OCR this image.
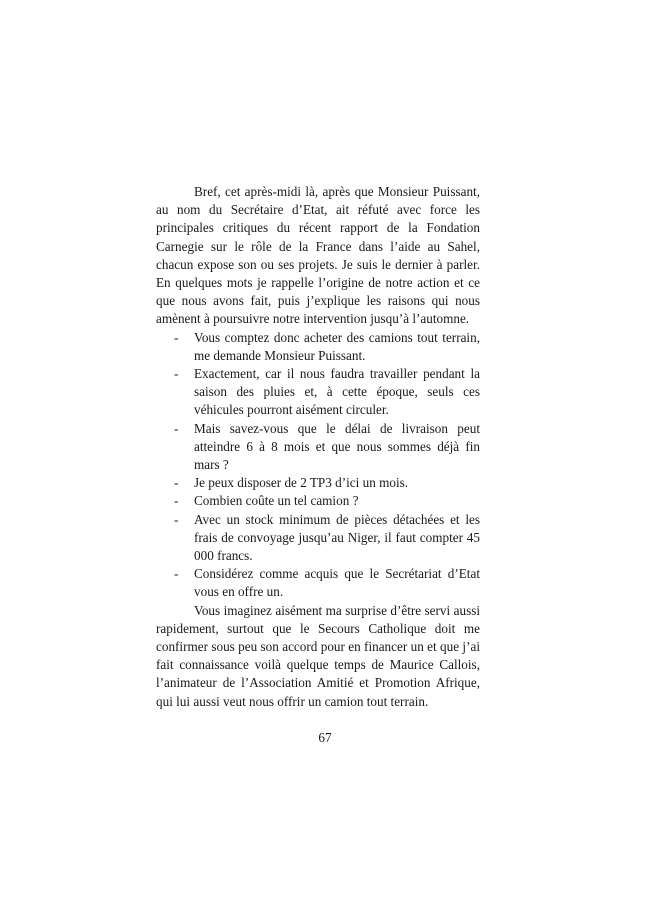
Bref, cet après-midi là, après que Monsieur Puissant, au nom du Secrétaire d’Etat, ait réfuté avec force les principales critiques du récent rapport de la Fondation Carnegie sur le rôle de la France dans l’aide au Sahel, chacun expose son ou ses projets. Je suis le dernier à parler. En quelques mots je rappelle l’origine de notre action et ce que nous avons fait, puis j’explique les raisons qui nous amènent à poursuivre notre intervention jusqu’à l’automne.

- Vous comptez donc acheter des camions tout terrain, me demande Monsieur Puissant.
- Exactement, car il nous faudra travailler pendant la saison des pluies et, à cette époque, seuls ces véhicules pourront aisément circuler.
- Mais savez-vous que le délai de livraison peut atteindre 6 à 8 mois et que nous sommes déjà fin mars ?
- Je peux disposer de 2 TP3 d’ici un mois.
- Combien coûte un tel camion ?
- Avec un stock minimum de pièces détachées et les frais de convoyage jusqu’au Niger, il faut compter 45 000 francs.
- Considérez comme acquis que le Secrétariat d’Etat vous en offre un.

Vous imaginez aisément ma surprise d’être servi aussi rapidement, surtout que le Secours Catholique doit me confirmer sous peu son accord pour en financer un et que j’ai fait connaissance voilà quelque temps de Maurice Callois, l’animateur de l’Association Amitié et Promotion Afrique, qui lui aussi veut nous offrir un camion tout terrain.

67
